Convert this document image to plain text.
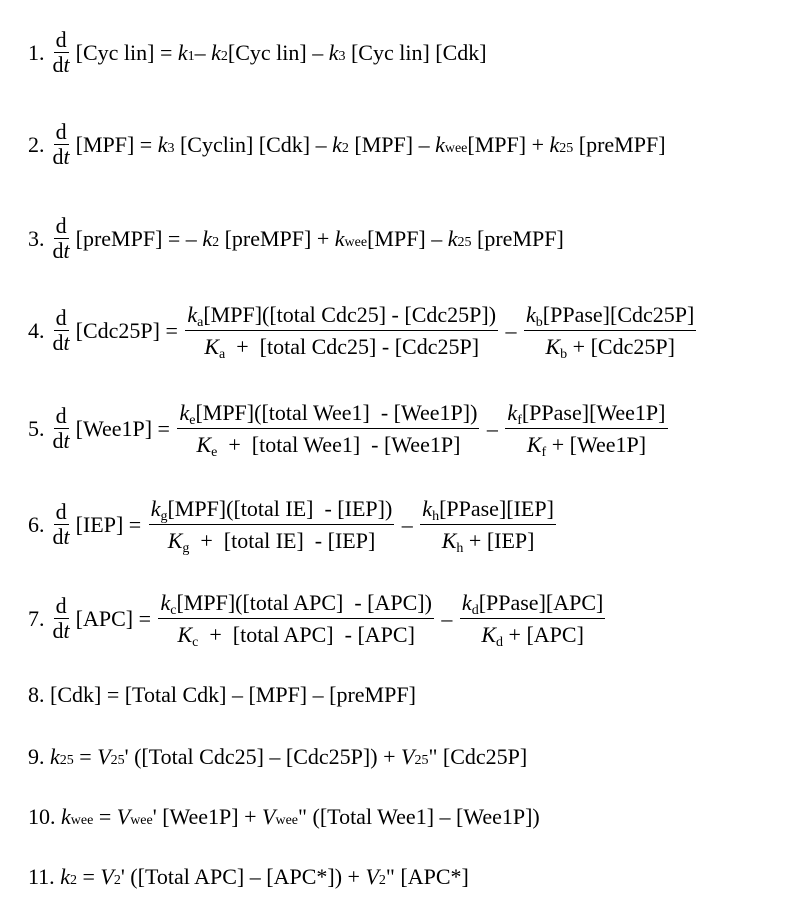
1. d
dt [Cyc lin] =
k 1 – k 2 [Cyc lin] – k 3 [Cyc lin] [Cdk]
2. d
dt [MPF] = k 3 [Cyclin] [Cdk] – k 2 [MPF] – k wee [MPF] + k 25 [preMPF]
3. d
dt [preMPF] = – k 2 [preMPF] + k wee [MPF] – k 25 [preMPF]
4. d
dt $[Cdc25P] = \frac{\text{ka[MPF]([total Cdc25] - [Cdc25P])}}{\text{Ka  +  [total Cdc25] - [Cdc25P]}} - \frac{\text{kb[PPase][Cdc25P]}}{\text{Kb + [Cdc25P]}}$
5. d
dt $[Wee1P] = \frac{\text{ke[MPF]([total Wee1]  - [Wee1P])}}{\text{Ke  +  [total Wee1]  - [Wee1P]}} - \frac{\text{kf[PPase][Wee1P]}}{\text{Kf + [Wee1P]}}$
6. d
dt $[IEP] = \frac{\text{kg[MPF]([total IE]  - [IEP])}}{\text{Kg  +  [total IE]  - [IEP]}} - \frac{\text{kh[PPase][IEP]}}{\text{Kh + [IEP]}}$
7. d
dt $[APC] = \frac{\text{kc[MPF]([total APC]  - [APC])}}{\text{Kc  +  [total APC]  - [APC]}} - \frac{\text{kd[PPase][APC]}}{\text{Kd + [APC]}}$
8. [Cdk] = [Total Cdk] – [MPF] – [preMPF]
9.
k 25 = V 25 ' ([Total Cdc25] – [Cdc25P]) + V 25 " [Cdc25P]
10.
k wee = V wee ' [Wee1P] + V wee " ([Total Wee1] – [Wee1P])
11.
k 2 = V 2 ' ([Total APC] – [APC*]) + V 2 " [APC*]
